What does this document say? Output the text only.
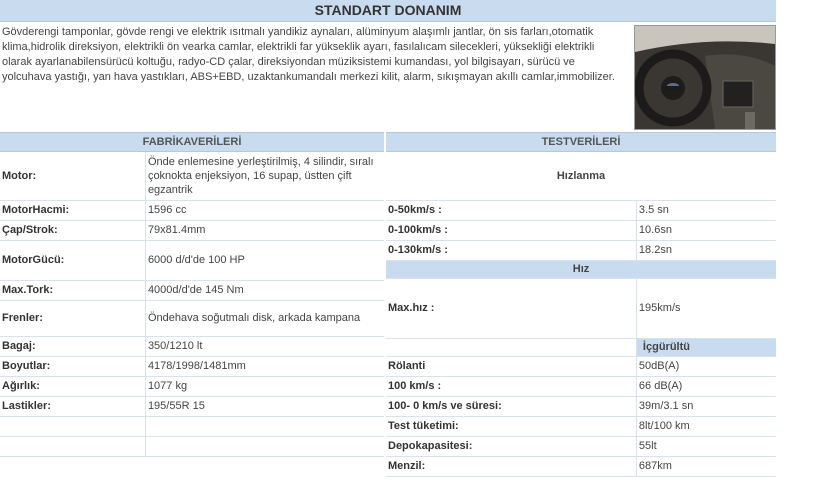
STANDART DONANIM
Gövderengi tamponlar, gövde rengi ve elektrik ısıtmalı yandikiz aynaları, alüminyum alaşımlı jantlar, ön sis farları,otomatik klima,hidrolik direksiyon, elektrikli ön vearka camlar, elektrikli far yükseklik ayarı, fasılalıcam silecekleri, yüksekliği elektrikli olarak ayarlanabilensürücü koltuğu, radyo-CD çalar, direksiyondan müziksistemi kumandası, yol bilgisayarı, sürücü ve yolcuhava yastığı, yan hava yastıkları, ABS+EBD, uzaktankumandalı merkezi kilit, alarm, sıkışmayan akıllı camlar,immobilizer.
FABRİKAVERİLERİ	TESTVERİLERİ
Motor:	Önde enlemesine yerleştirilmiş, 4 silindir, sıralı çoknokta enjeksiyon, 16 supap, üstten çift egzantrik
MotorHacmi:	1596 cc
Çap/Strok:	79x81.4mm
MotorGücü:	6000 d/d'de 100 HP
Max.Tork:	4000d/d'de 145 Nm
Frenler:	Öndehava soğutmalı disk, arkada kampana
Bagaj:	350/1210 lt
Boyutlar:	4178/1998/1481mm
Ağırlık:	1077 kg
Lastikler:	195/55R 15

Hızlanma	
0-50km/s :	3.5 sn
0-100km/s :	10.6sn
0-130km/s :	18.2sn
Hız	
Max.hız :	195km/s
	İçgürültü
Rölanti	50dB(A)
100 km/s :	66 dB(A)
100- 0 km/s ve süresi:	39m/3.1 sn
Test tüketimi:	8lt/100 km
Depokapasitesi:	55lt
Menzil:	687km
